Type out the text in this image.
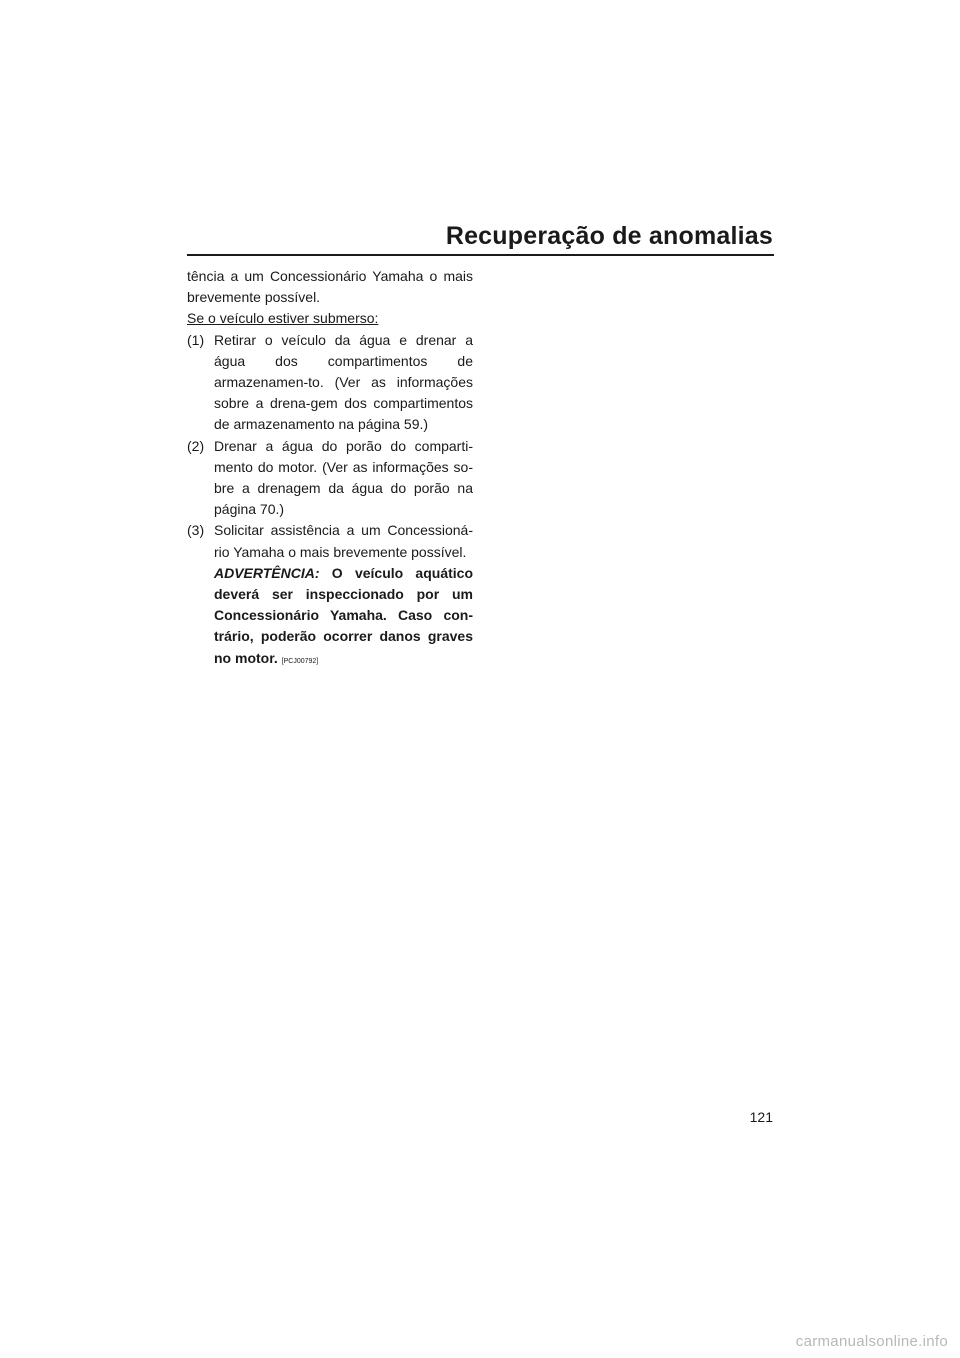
Recuperação de anomalias

tência a um Concessionário Yamaha o mais brevemente possível.

Se o veículo estiver submerso:

(1) Retirar o veículo da água e drenar a água dos compartimentos de armazenamen-to. (Ver as informações sobre a drena-gem dos compartimentos de armazenamento na página 59.)
(2) Drenar a água do porão do comparti-mento do motor. (Ver as informações so-bre a drenagem da água do porão na página 70.)
(3) Solicitar assistência a um Concessioná-rio Yamaha o mais brevemente possível.

ADVERTÊNCIA: O veículo aquático deverá ser inspeccionado por um Concessionário Yamaha. Caso con-trário, poderão ocorrer danos graves no motor. [PCJ00792]

121
carmanualsonline.info
